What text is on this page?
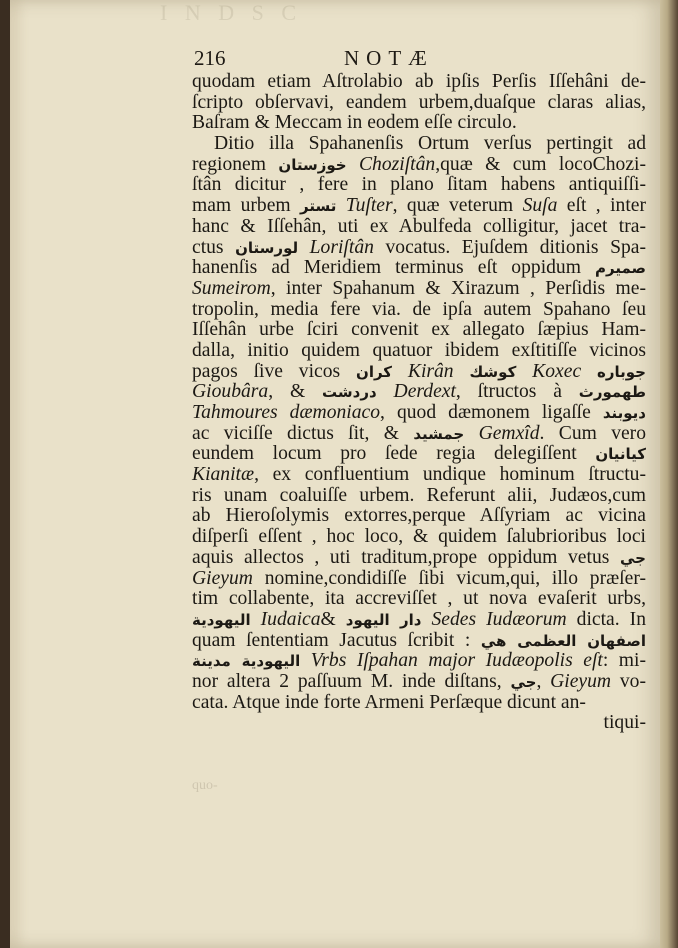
I N D S C
216	NOTÆ
quodam etiam Aſtrolabio ab ipſis Perſis Iſſehâni de-
ſcripto obſervavi, eandem urbem,duaſque claras alias,
Baſram & Meccam in eodem eſſe circulo.
Ditio illa Spahanenſis Ortum verſus pertingit ad
regionem خوزستان Choziſtân,quæ & cum locoChozi-
ſtân dicitur , fere in plano ſitam habens antiquiſſi-
mam urbem تستر Tuſter, quæ veterum Suſa eſt , inter
hanc & Iſſehân, uti ex Abulfeda colligitur, jacet tra-
ctus لورستان Loriſtân vocatus. Ejuſdem ditionis Spa-
hanenſis ad Meridiem terminus eſt oppidum صميرم
Sumeirom, inter Spahanum & Xirazum , Perſidis me-
tropolin, media fere via. de ipſa autem Spahano ſeu
Iſſehân urbe ſciri convenit ex allegato ſæpius Ham-
dalla, initio quidem quatuor ibidem exſtitiſſe vicinos
pagos ſive vicos كران Kirân كوشك Koxec جوباره
Gioubâra, & دردشت Derdext, ſtructos à طهمورث
Tahmoures dæmoniaco, quod dæmonem ligaſſe ديوبند
ac viciſſe dictus ſit, & جمشيد Gemxîd. Cum vero
eundem locum pro ſede regia delegiſſent كيانيان
Kianitæ, ex confluentium undique hominum ſtructu-
ris unam coaluiſſe urbem. Referunt alii, Judæos,cum
ab Hieroſolymis extorres,perque Aſſyriam ac vicina
diſperſi eſſent , hoc loco, & quidem ſalubrioribus loci
aquis allectos , uti traditum,prope oppidum vetus جي
Gieyum nomine,condidiſſe ſibi vicum,qui, illo præſer-
tim collabente, ita accreviſſet , ut nova evaſerit urbs,
اليهودية Iudaica& دار اليهود Sedes Iudæorum dicta. In
quam ſententiam Jacutus ſcribit : اصفهان العظمى هي
اليهودية مدينة Vrbs Iſpahan major Iudæopolis eſt: mi-
nor altera 2 paſſuum M. inde diſtans, جي, Gieyum vo-
cata. Atque inde forte Armeni Perſæque dicunt an-
tiqui-
quo-
